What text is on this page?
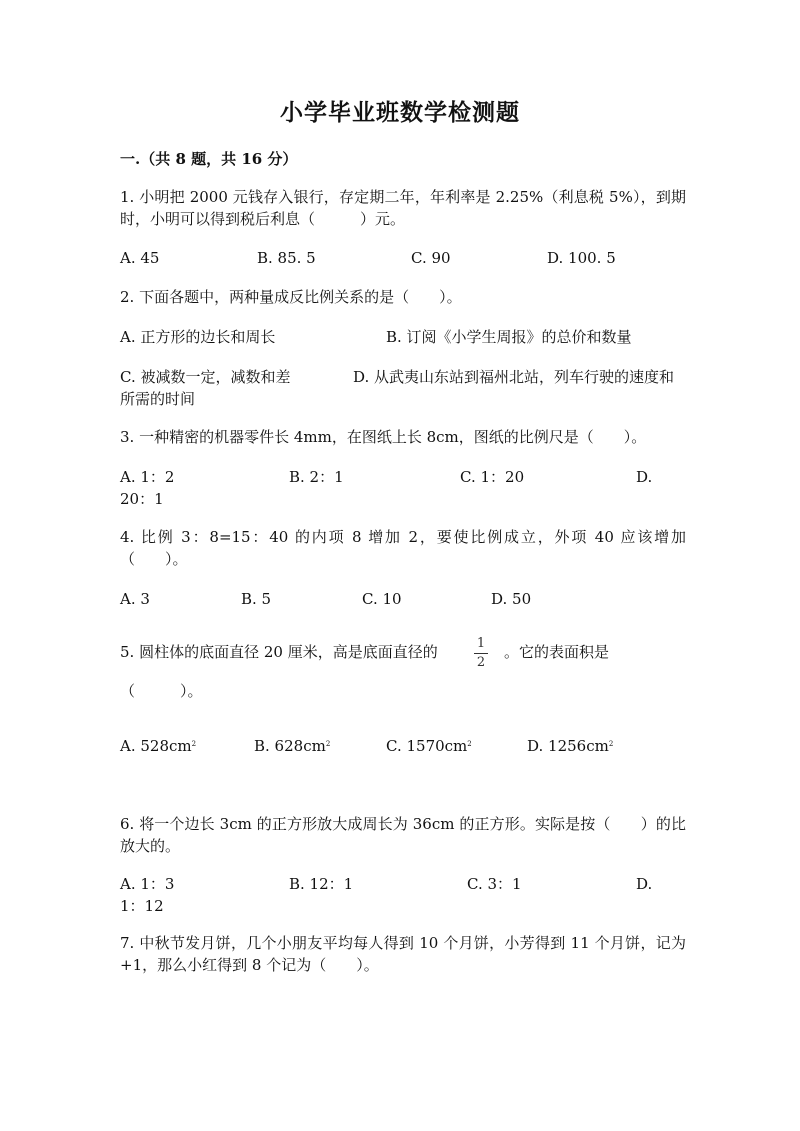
小学毕业班数学检测题
一.（共 8 题，共 16 分）
1. 小明把 2000 元钱存入银行，存定期二年，年利率是 2.25%（利息税 5%），到期时，小明可以得到税后利息（　　　）元。
A. 45	B. 85. 5	C. 90	D. 100. 5
2. 下面各题中，两种量成反比例关系的是（　　）。
A. 正方形的边长和周长	B. 订阅《小学生周报》的总价和数量
C. 被减数一定，减数和差	D. 从武夷山东站到福州北站，列车行驶的速度和所需的时间
3. 一种精密的机器零件长 4mm，在图纸上长 8cm，图纸的比例尺是（　　）。
A. 1：2	B. 2：1	C. 1：20	D. 20：1
4. 比例 3：8=15：40 的内项 8 增加 2，要使比例成立，外项 40 应该增加（　　）。
A. 3	B. 5	C. 10	D. 50
5. 圆柱体的底面直径 20 厘米，高是底面直径的	1
2
。它的表面积是
（　　　）。
A. $528cm^2$	B. $628cm^2$	C. $1570cm^2$	D. $1256cm^2$
6. 将一个边长 3cm 的正方形放大成周长为 36cm 的正方形。实际是按（　　）的比放大的。
A. 1：3	B. 12：1	C. 3：1	D. 1：12
7. 中秋节发月饼，几个小朋友平均每人得到 10 个月饼，小芳得到 11 个月饼，记为+1，那么小红得到 8 个记为（　　）。
